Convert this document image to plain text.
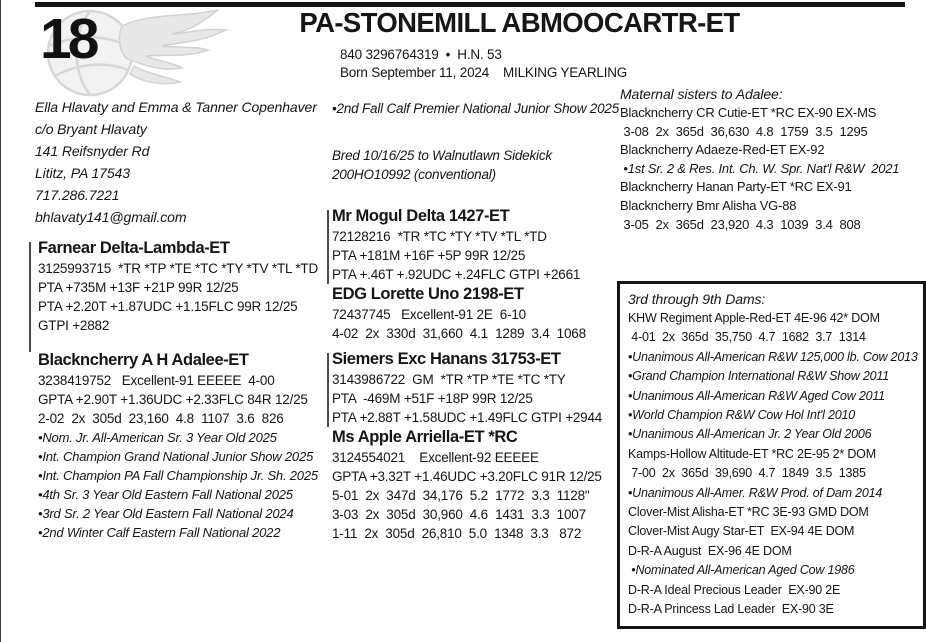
18	PA-STONEMILL ABMOOCARTR-ET
840 3296764319  •  H.N. 53
Born September 11, 2024 MILKING YEARLING
Ella Hlavaty and Emma & Tanner Copenhaver
c/o Bryant Hlavaty
141 Reifsnyder Rd
Lititz, PA 17543
717.286.7221
bhlavaty141@gmail.com
Farnear Delta-Lambda-ET
3125993715  *TR *TP *TE *TC *TY *TV *TL *TD
PTA +735M +13F +21P 99R 12/25
PTA +2.20T +1.87UDC +1.15FLC 99R 12/25
GTPI +2882
Blackncherry A H Adalee-ET
3238419752   Excellent-91 EEEEE  4-00
GPTA +2.90T +1.36UDC +2.33FLC 84R 12/25
2-02  2x  305d  23,160  4.8  1107  3.6  826
•Nom. Jr. All-American Sr. 3 Year Old 2025
•Int. Champion Grand National Junior Show 2025
•Int. Champion PA Fall Championship Jr. Sh. 2025
•4th Sr. 3 Year Old Eastern Fall National 2025
•3rd Sr. 2 Year Old Eastern Fall National 2024
•2nd Winter Calf Eastern Fall National 2022
•2nd Fall Calf Premier National Junior Show 2025
Bred 10/16/25 to Walnutlawn Sidekick
200HO10992 (conventional)
Mr Mogul Delta 1427-ET
72128216  *TR *TC *TY *TV *TL *TD
PTA +181M +16F +5P 99R 12/25
PTA +.46T +.92UDC +.24FLC GTPI +2661
EDG Lorette Uno 2198-ET
72437745   Excellent-91 2E  6-10
4-02  2x  330d  31,660  4.1  1289  3.4  1068
Siemers Exc Hanans 31753-ET
3143986722  GM  *TR *TP *TE *TC *TY
PTA  -469M +51F +18P 99R 12/25
PTA +2.88T +1.58UDC +1.49FLC GTPI +2944
Ms Apple Arriella-ET *RC
3124554021    Excellent-92 EEEEE
GPTA +3.32T +1.46UDC +3.20FLC 91R 12/25
5-01  2x  347d  34,176  5.2  1772  3.3  1128"
3-03  2x  305d  30,960  4.6  1431  3.3  1007
1-11  2x  305d  26,810  5.0  1348  3.3   872
Maternal sisters to Adalee:
Blackncherry CR Cutie-ET *RC EX-90 EX-MS
3-08  2x  365d  36,630  4.8  1759  3.5  1295
Blackncherry Adaeze-Red-ET EX-92
•1st Sr. 2 & Res. Int. Ch. W. Spr. Nat'l R&W  2021
Blackncherry Hanan Party-ET *RC EX-91
Blackncherry Bmr Alisha VG-88
3-05  2x  365d  23,920  4.3  1039  3.4  808
3rd through 9th Dams:
KHW Regiment Apple-Red-ET 4E-96 42* DOM
4-01  2x  365d  35,750  4.7  1682  3.7  1314
•Unanimous All-American R&W 125,000 lb. Cow 2013
•Grand Champion International R&W Show 2011
•Unanimous All-American R&W Aged Cow 2011
•World Champion R&W Cow Hol Int'l 2010
•Unanimous All-American Jr. 2 Year Old 2006
Kamps-Hollow Altitude-ET *RC 2E-95 2* DOM
7-00  2x  365d  39,690  4.7  1849  3.5  1385
•Unanimous All-Amer. R&W Prod. of Dam 2014
Clover-Mist Alisha-ET *RC 3E-93 GMD DOM
Clover-Mist Augy Star-ET  EX-94 4E DOM
D-R-A August  EX-96 4E DOM
•Nominated All-American Aged Cow 1986
D-R-A Ideal Precious Leader  EX-90 2E
D-R-A Princess Lad Leader  EX-90 3E
